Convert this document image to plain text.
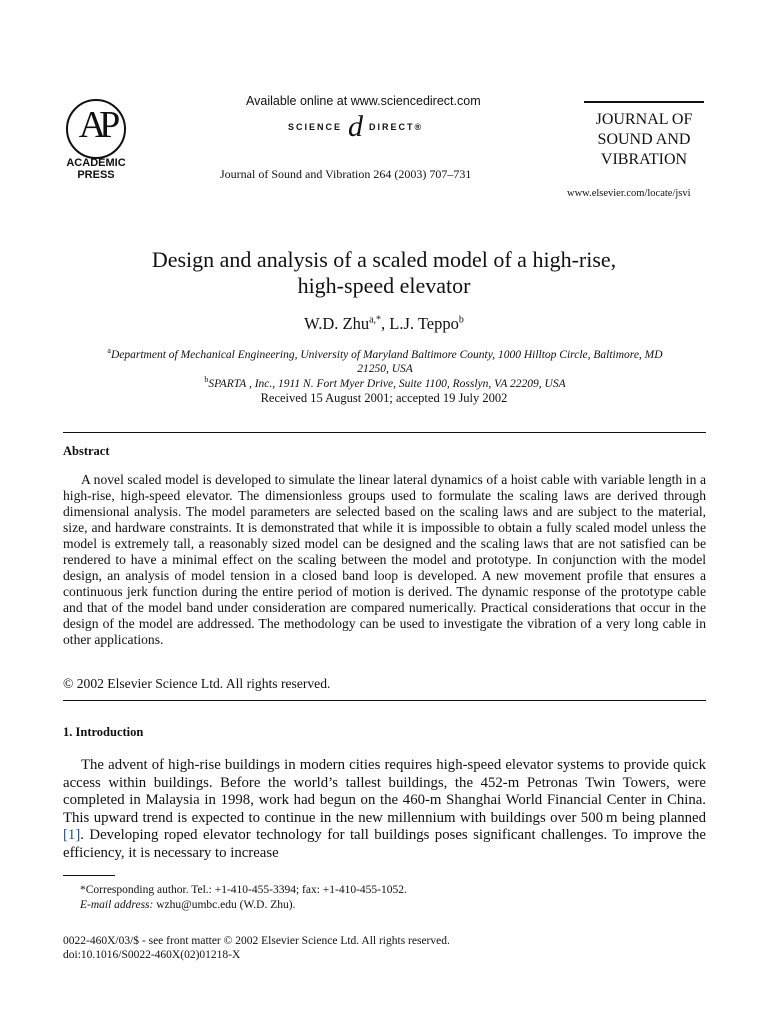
AP
ACADEMIC
PRESS
Available online at www.sciencedirect.com
SCIENCE d DIRECT®
Journal of Sound and Vibration 264 (2003) 707–731
JOURNAL OF
SOUND AND
VIBRATION
www.elsevier.com/locate/jsvi
Design and analysis of a scaled model of a high-rise,
high-speed elevator
W.D. Zhu$^{a,*}$, L.J. Teppo$^b$
$^a$Department of Mechanical Engineering, University of Maryland Baltimore County, 1000 Hilltop Circle, Baltimore, MD
21250, USA
$^b$SPARTA , Inc., 1911 N. Fort Myer Drive, Suite 1100, Rosslyn, VA 22209, USA
Received 15 August 2001; accepted 19 July 2002
Abstract

A novel scaled model is developed to simulate the linear lateral dynamics of a hoist cable with variable length in a high-rise, high-speed elevator. The dimensionless groups used to formulate the scaling laws are derived through dimensional analysis. The model parameters are selected based on the scaling laws and are subject to the material, size, and hardware constraints. It is demonstrated that while it is impossible to obtain a fully scaled model unless the model is extremely tall, a reasonably sized model can be designed and the scaling laws that are not satisfied can be rendered to have a minimal effect on the scaling between the model and prototype. In conjunction with the model design, an analysis of model tension in a closed band loop is developed. A new movement profile that ensures a continuous jerk function during the entire period of motion is derived. The dynamic response of the prototype cable and that of the model band under consideration are compared numerically. Practical considerations that occur in the design of the model are addressed. The methodology can be used to investigate the vibration of a very long cable in other applications.

© 2002 Elsevier Science Ltd. All rights reserved.
1. Introduction

The advent of high-rise buildings in modern cities requires high-speed elevator systems to provide quick access within buildings. Before the world’s tallest buildings, the 452-m Petronas Twin Towers, were completed in Malaysia in 1998, work had begun on the 460-m Shanghai World Financial Center in China. This upward trend is expected to continue in the new millennium with buildings over 500 m being planned [1]. Developing roped elevator technology for tall buildings poses significant challenges. To improve the efficiency, it is necessary to increase

*Corresponding author. Tel.: +1-410-455-3394; fax: +1-410-455-1052.
E-mail address: wzhu@umbc.edu (W.D. Zhu).
0022-460X/03/$ - see front matter © 2002 Elsevier Science Ltd. All rights reserved.
doi:10.1016/S0022-460X(02)01218-X
